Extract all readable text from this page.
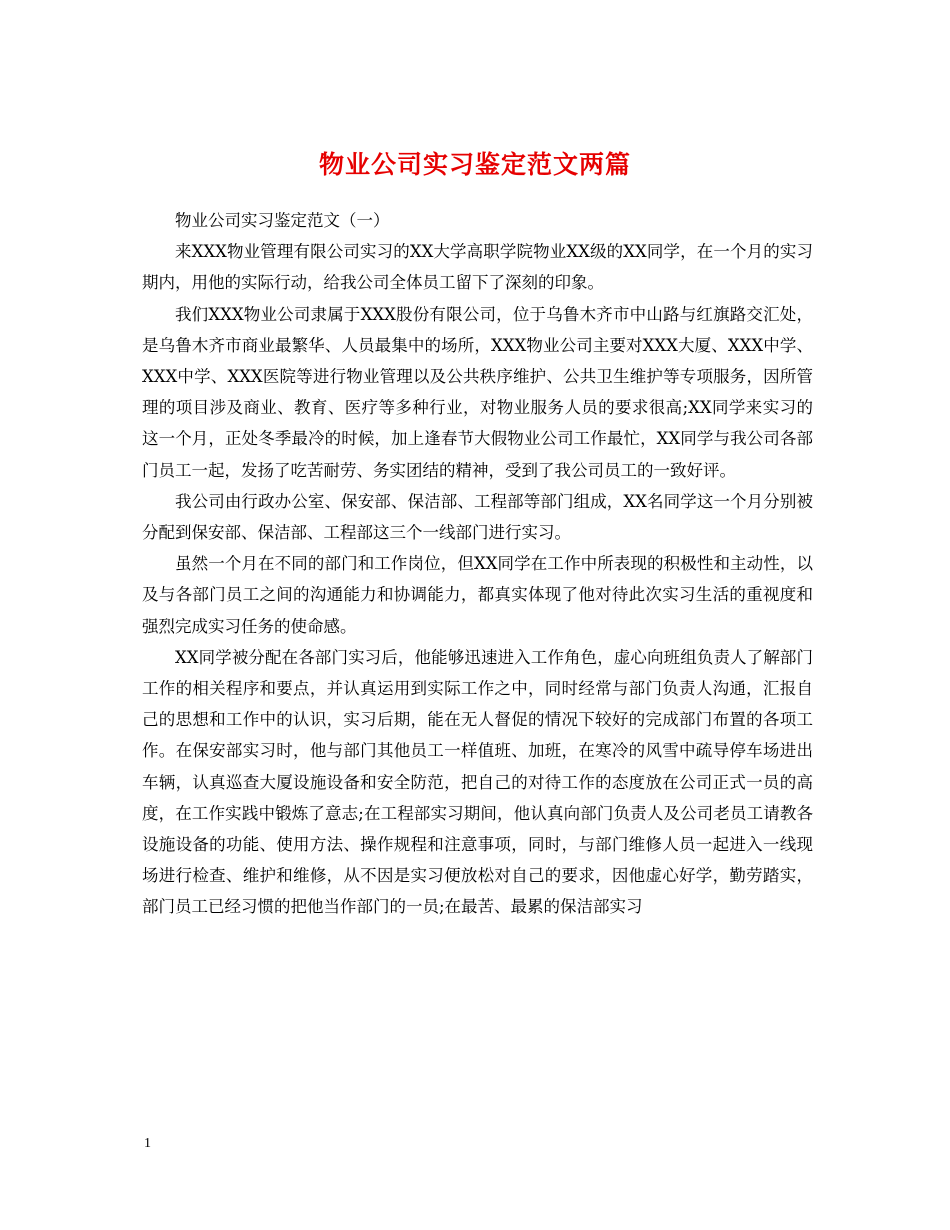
物业公司实习鉴定范文两篇

物业公司实习鉴定范文（一）

来XXX物业管理有限公司实习的XX大学高职学院物业XX级的XX同学，在一个月的实习期内，用他的实际行动，给我公司全体员工留下了深刻的印象。

我们XXX物业公司隶属于XXX股份有限公司，位于乌鲁木齐市中山路与红旗路交汇处，是乌鲁木齐市商业最繁华、人员最集中的场所，XXX物业公司主要对XXX大厦、XXX中学、XXX中学、XXX医院等进行物业管理以及公共秩序维护、公共卫生维护等专项服务，因所管理的项目涉及商业、教育、医疗等多种行业，对物业服务人员的要求很高;XX同学来实习的这一个月，正处冬季最冷的时候，加上逢春节大假物业公司工作最忙，XX同学与我公司各部门员工一起，发扬了吃苦耐劳、务实团结的精神，受到了我公司员工的一致好评。

我公司由行政办公室、保安部、保洁部、工程部等部门组成，XX名同学这一个月分别被分配到保安部、保洁部、工程部这三个一线部门进行实习。

虽然一个月在不同的部门和工作岗位，但XX同学在工作中所表现的积极性和主动性，以及与各部门员工之间的沟通能力和协调能力，都真实体现了他对待此次实习生活的重视度和强烈完成实习任务的使命感。

XX同学被分配在各部门实习后，他能够迅速进入工作角色，虚心向班组负责人了解部门工作的相关程序和要点，并认真运用到实际工作之中，同时经常与部门负责人沟通，汇报自己的思想和工作中的认识，实习后期，能在无人督促的情况下较好的完成部门布置的各项工作。在保安部实习时，他与部门其他员工一样值班、加班，在寒冷的风雪中疏导停车场进出车辆，认真巡查大厦设施设备和安全防范，把自己的对待工作的态度放在公司正式一员的高度，在工作实践中锻炼了意志;在工程部实习期间，他认真向部门负责人及公司老员工请教各设施设备的功能、使用方法、操作规程和注意事项，同时，与部门维修人员一起进入一线现场进行检查、维护和维修，从不因是实习便放松对自己的要求，因他虚心好学，勤劳踏实，部门员工已经习惯的把他当作部门的一员;在最苦、最累的保洁部实习

1
